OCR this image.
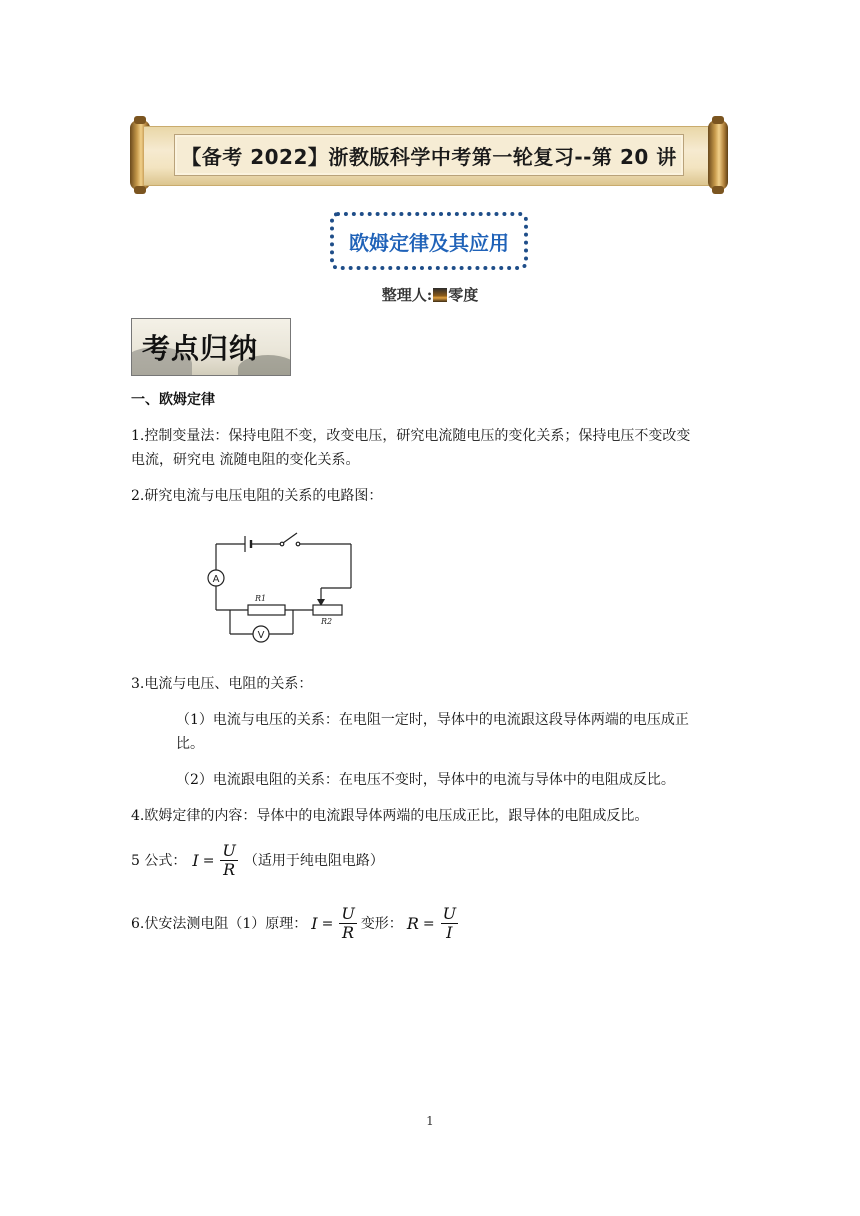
【备考 2022】浙教版科学中考第一轮复习--第 20 讲
欧姆定律及其应用
整理人: 零度
考点归纳
一、欧姆定律
1.控制变量法：保持电阻不变，改变电压，研究电流随电压的变化关系；保持电压不变改变
电流，研究电 流随电阻的变化关系。
2.研究电流与电压电阻的关系的电路图：
A
V
R1
R2
3.电流与电压、电阻的关系：
（1）电流与电压的关系：在电阻一定时，导体中的电流跟这段导体两端的电压成正
比。
（2）电流跟电阻的关系：在电压不变时，导体中的电流与导体中的电阻成反比。
4.欧姆定律的内容：导体中的电流跟导体两端的电压成正比，跟导体的电阻成反比。
5 公式： $I = \frac{U}{R}$ （适用于纯电阻电路）
6.伏安法测电阻（1）原理： $I = \frac{U}{R}$ 变形： $R = \frac{U}{I}$
1
